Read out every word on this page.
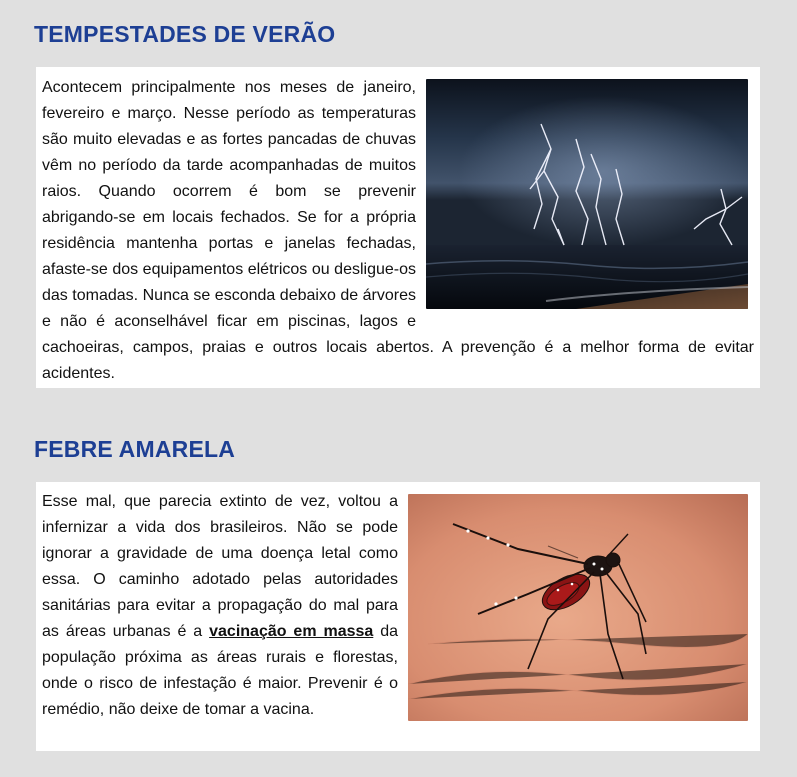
TEMPESTADES DE VERÃO

Acontecem principalmente nos meses de janeiro, fevereiro e março. Nesse período as temperaturas são muito elevadas e as fortes pancadas de chuvas vêm no período da tarde acompanhadas de muitos raios. Quando ocorrem é bom se prevenir abrigando-se em locais fechados. Se for a própria residência mantenha portas e janelas fechadas, afaste-se dos equipamentos elétricos ou desligue-os das tomadas. Nunca se esconda debaixo de árvores e não é aconselhável ficar em piscinas, lagos e cachoeiras, campos, praias e outros locais abertos. A prevenção é a melhor forma de evitar acidentes.

FEBRE AMARELA

Esse mal, que parecia extinto de vez, voltou a infernizar a vida dos brasileiros. Não se pode ignorar a gravidade de uma doença letal como essa. O caminho adotado pelas autoridades sanitárias para evitar a propagação do mal para as áreas urbanas é a vacinação em massa da população próxima as áreas rurais e florestas, onde o risco de infestação é maior. Prevenir é o remédio, não deixe de tomar a vacina.
